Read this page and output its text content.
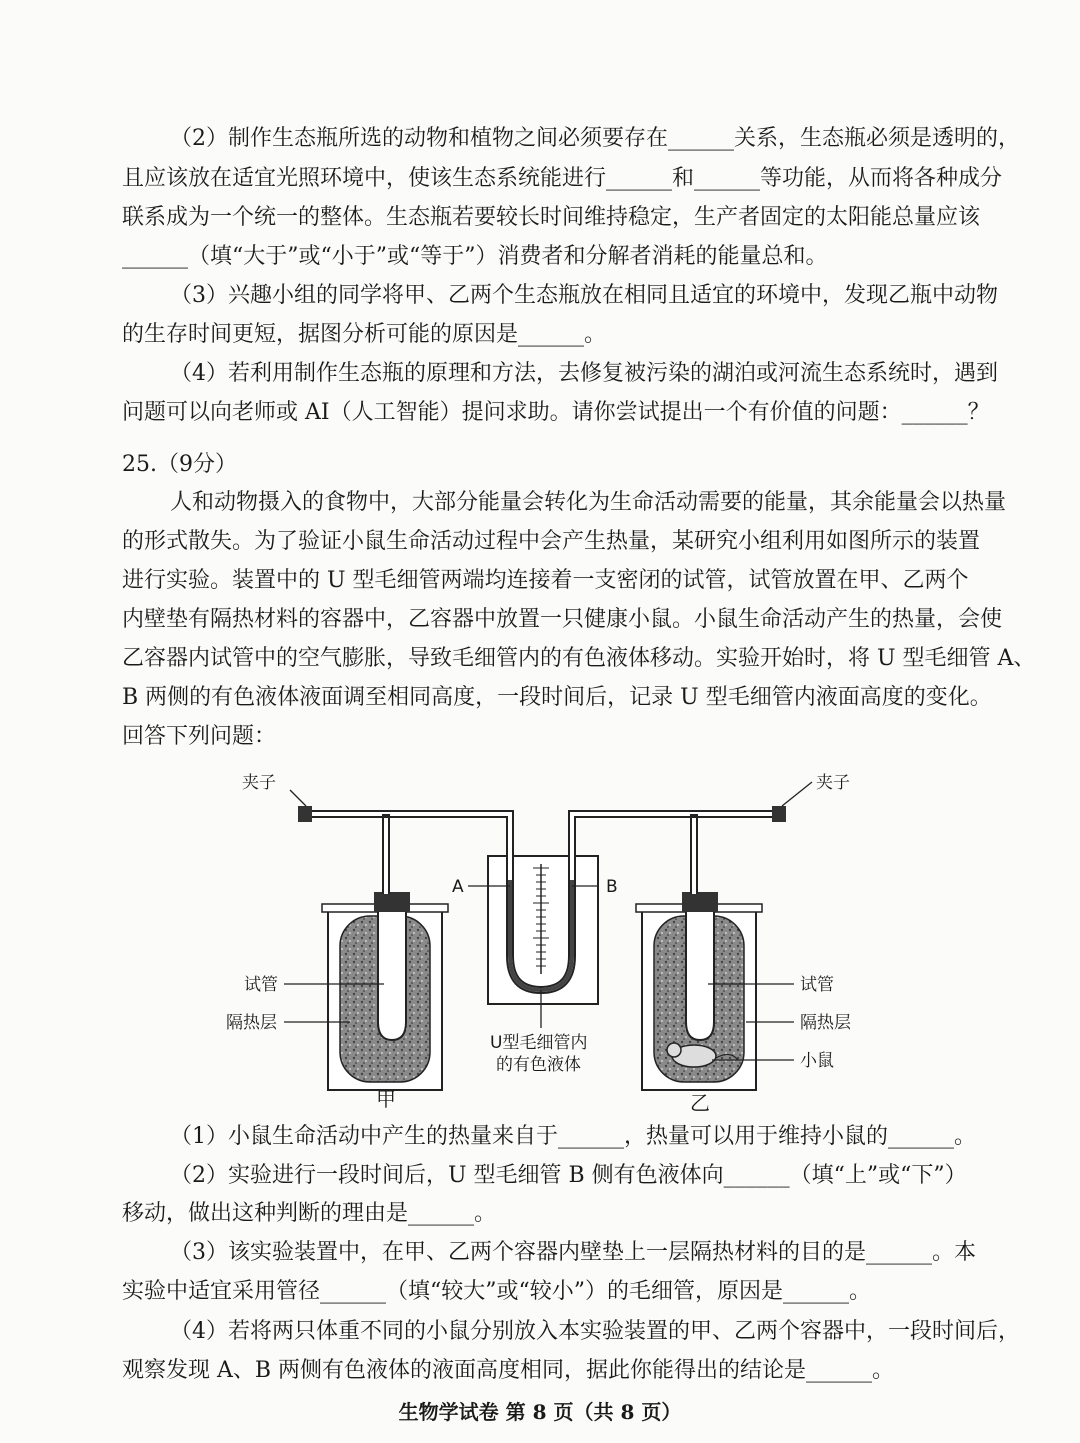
（2）制作生态瓶所选的动物和植物之间必须要存在______关系，生态瓶必须是透明的，
且应该放在适宜光照环境中，使该生态系统能进行______和______等功能，从而将各种成分
联系成为一个统一的整体。生态瓶若要较长时间维持稳定，生产者固定的太阳能总量应该
______（填“大于”或“小于”或“等于”）消费者和分解者消耗的能量总和。
（3）兴趣小组的同学将甲、乙两个生态瓶放在相同且适宜的环境中，发现乙瓶中动物
的生存时间更短，据图分析可能的原因是______。
（4）若利用制作生态瓶的原理和方法，去修复被污染的湖泊或河流生态系统时，遇到
问题可以向老师或 AI（人工智能）提问求助。请你尝试提出一个有价值的问题：______？
25.（9分）
人和动物摄入的食物中，大部分能量会转化为生命活动需要的能量，其余能量会以热量
的形式散失。为了验证小鼠生命活动过程中会产生热量，某研究小组利用如图所示的装置
进行实验。装置中的 U 型毛细管两端均连接着一支密闭的试管，试管放置在甲、乙两个
内壁垫有隔热材料的容器中，乙容器中放置一只健康小鼠。小鼠生命活动产生的热量，会使
乙容器内试管中的空气膨胀，导致毛细管内的有色液体移动。实验开始时，将 U 型毛细管 A、
B 两侧的有色液体液面调至相同高度，一段时间后，记录 U 型毛细管内液面高度的变化。
回答下列问题：
（1）小鼠生命活动中产生的热量来自于______，热量可以用于维持小鼠的______。
（2）实验进行一段时间后，U 型毛细管 B 侧有色液体向______（填“上”或“下”）
移动，做出这种判断的理由是______。
（3）该实验装置中，在甲、乙两个容器内壁垫上一层隔热材料的目的是______。本
实验中适宜采用管径______（填“较大”或“较小”）的毛细管，原因是______。
（4）若将两只体重不同的小鼠分别放入本实验装置的甲、乙两个容器中，一段时间后，
观察发现 A、B 两侧有色液体的液面高度相同，据此你能得出的结论是______。
夹子	夹子
A	B
试管
隔热层
试管
隔热层
小鼠
U型毛细管内
的有色液体
甲	乙
生物学试卷 第 8 页（共 8 页）
